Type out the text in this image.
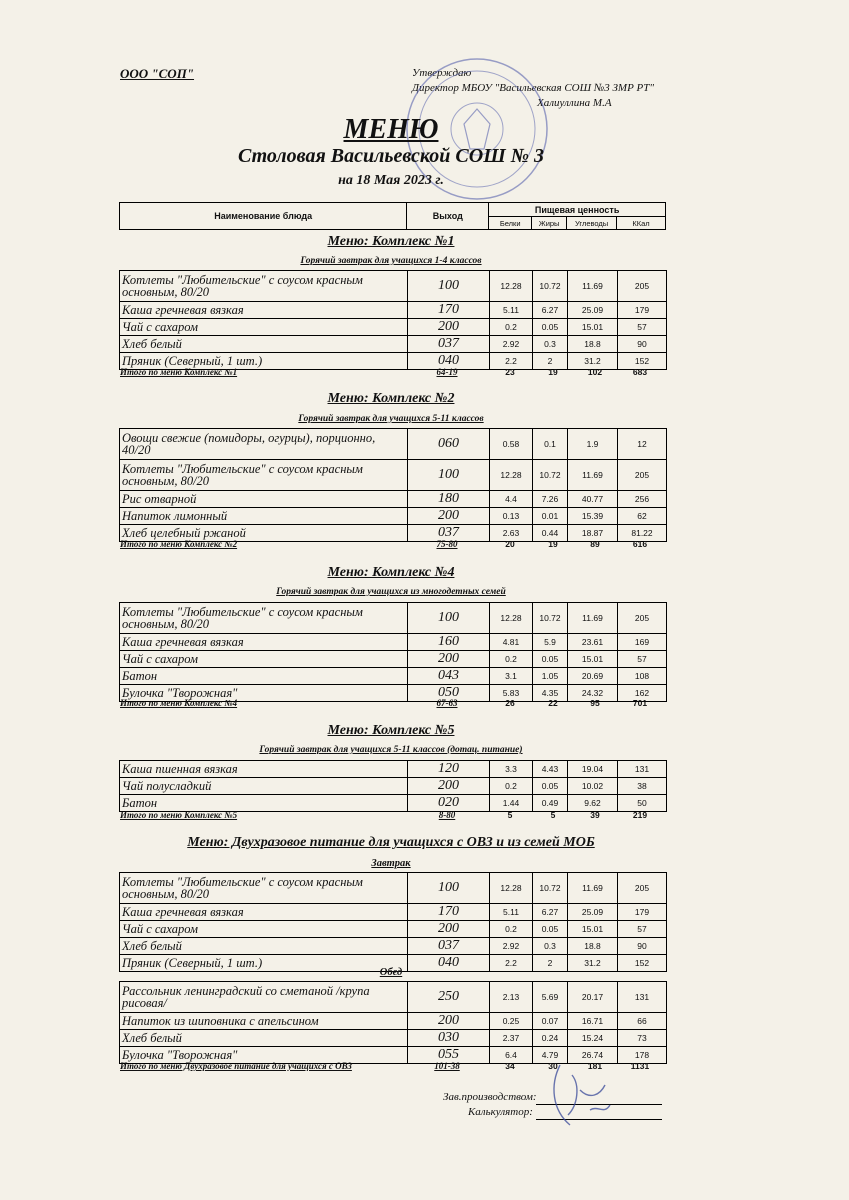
ООО "СОП"	Утверждаю
Директор МБОУ "Васильевская СОШ №3 ЗМР РТ"
Халиуллина М.А
МЕНЮ
Столовая Васильевской СОШ № 3
на 18 Мая 2023 г.
Наименование блюда	Выход	Пищевая ценность			
		Белки	Жиры	Углеводы	ККал
Меню: Комплекс №1
Горячий завтрак для учащихся 1-4 классов
Котлеты "Любительские" с соусом красным основным, 80/20	100	12.28	10.72	11.69	205
Каша гречневая вязкая	170	5.11	6.27	25.09	179
Чай с сахаром	200	0.2	0.05	15.01	57
Хлеб белый	037	2.92	0.3	18.8	90
Пряник (Северный, 1 шт.)	040	2.2	2	31.2	152
Итого по меню Комплекс №1	64-19	23	19	102	683
Меню: Комплекс №2
Горячий завтрак для учащихся 5-11 классов
Овощи свежие (помидоры, огурцы), порционно, 40/20	060	0.58	0.1	1.9	12
Котлеты "Любительские" с соусом красным основным, 80/20	100	12.28	10.72	11.69	205
Рис отварной	180	4.4	7.26	40.77	256
Напиток лимонный	200	0.13	0.01	15.39	62
Хлеб целебный ржаной	037	2.63	0.44	18.87	81.22
Итого по меню Комплекс №2	75-80	20	19	89	616
Меню: Комплекс №4
Горячий завтрак для учащихся из многодетных семей
Котлеты "Любительские" с соусом красным основным, 80/20	100	12.28	10.72	11.69	205
Каша гречневая вязкая	160	4.81	5.9	23.61	169
Чай с сахаром	200	0.2	0.05	15.01	57
Батон	043	3.1	1.05	20.69	108
Булочка "Творожная"	050	5.83	4.35	24.32	162
Итого по меню Комплекс №4	67-63	26	22	95	701
Меню: Комплекс №5
Горячий завтрак для учащихся 5-11 классов (дотац. питание)
Каша пшенная вязкая	120	3.3	4.43	19.04	131
Чай полусладкий	200	0.2	0.05	10.02	38
Батон	020	1.44	0.49	9.62	50
Итого по меню Комплекс №5	8-80	5	5	39	219
Меню: Двухразовое питание для учащихся с ОВЗ и из семей МОБ
Завтрак
Котлеты "Любительские" с соусом красным основным, 80/20	100	12.28	10.72	11.69	205
Каша гречневая вязкая	170	5.11	6.27	25.09	179
Чай с сахаром	200	0.2	0.05	15.01	57
Хлеб белый	037	2.92	0.3	18.8	90
Пряник (Северный, 1 шт.)	040	2.2	2	31.2	152
Обед
Рассольник ленинградский со сметаной /крупа рисовая/	250	2.13	5.69	20.17	131
Напиток из шиповника с апельсином	200	0.25	0.07	16.71	66
Хлеб белый	030	2.37	0.24	15.24	73
Булочка "Творожная"	055	6.4	4.79	26.74	178
Итого по меню Двухразовое питание для учащихся с ОВЗ	101-38	34	30	181	1131
Зав.производством:
Калькулятор:
